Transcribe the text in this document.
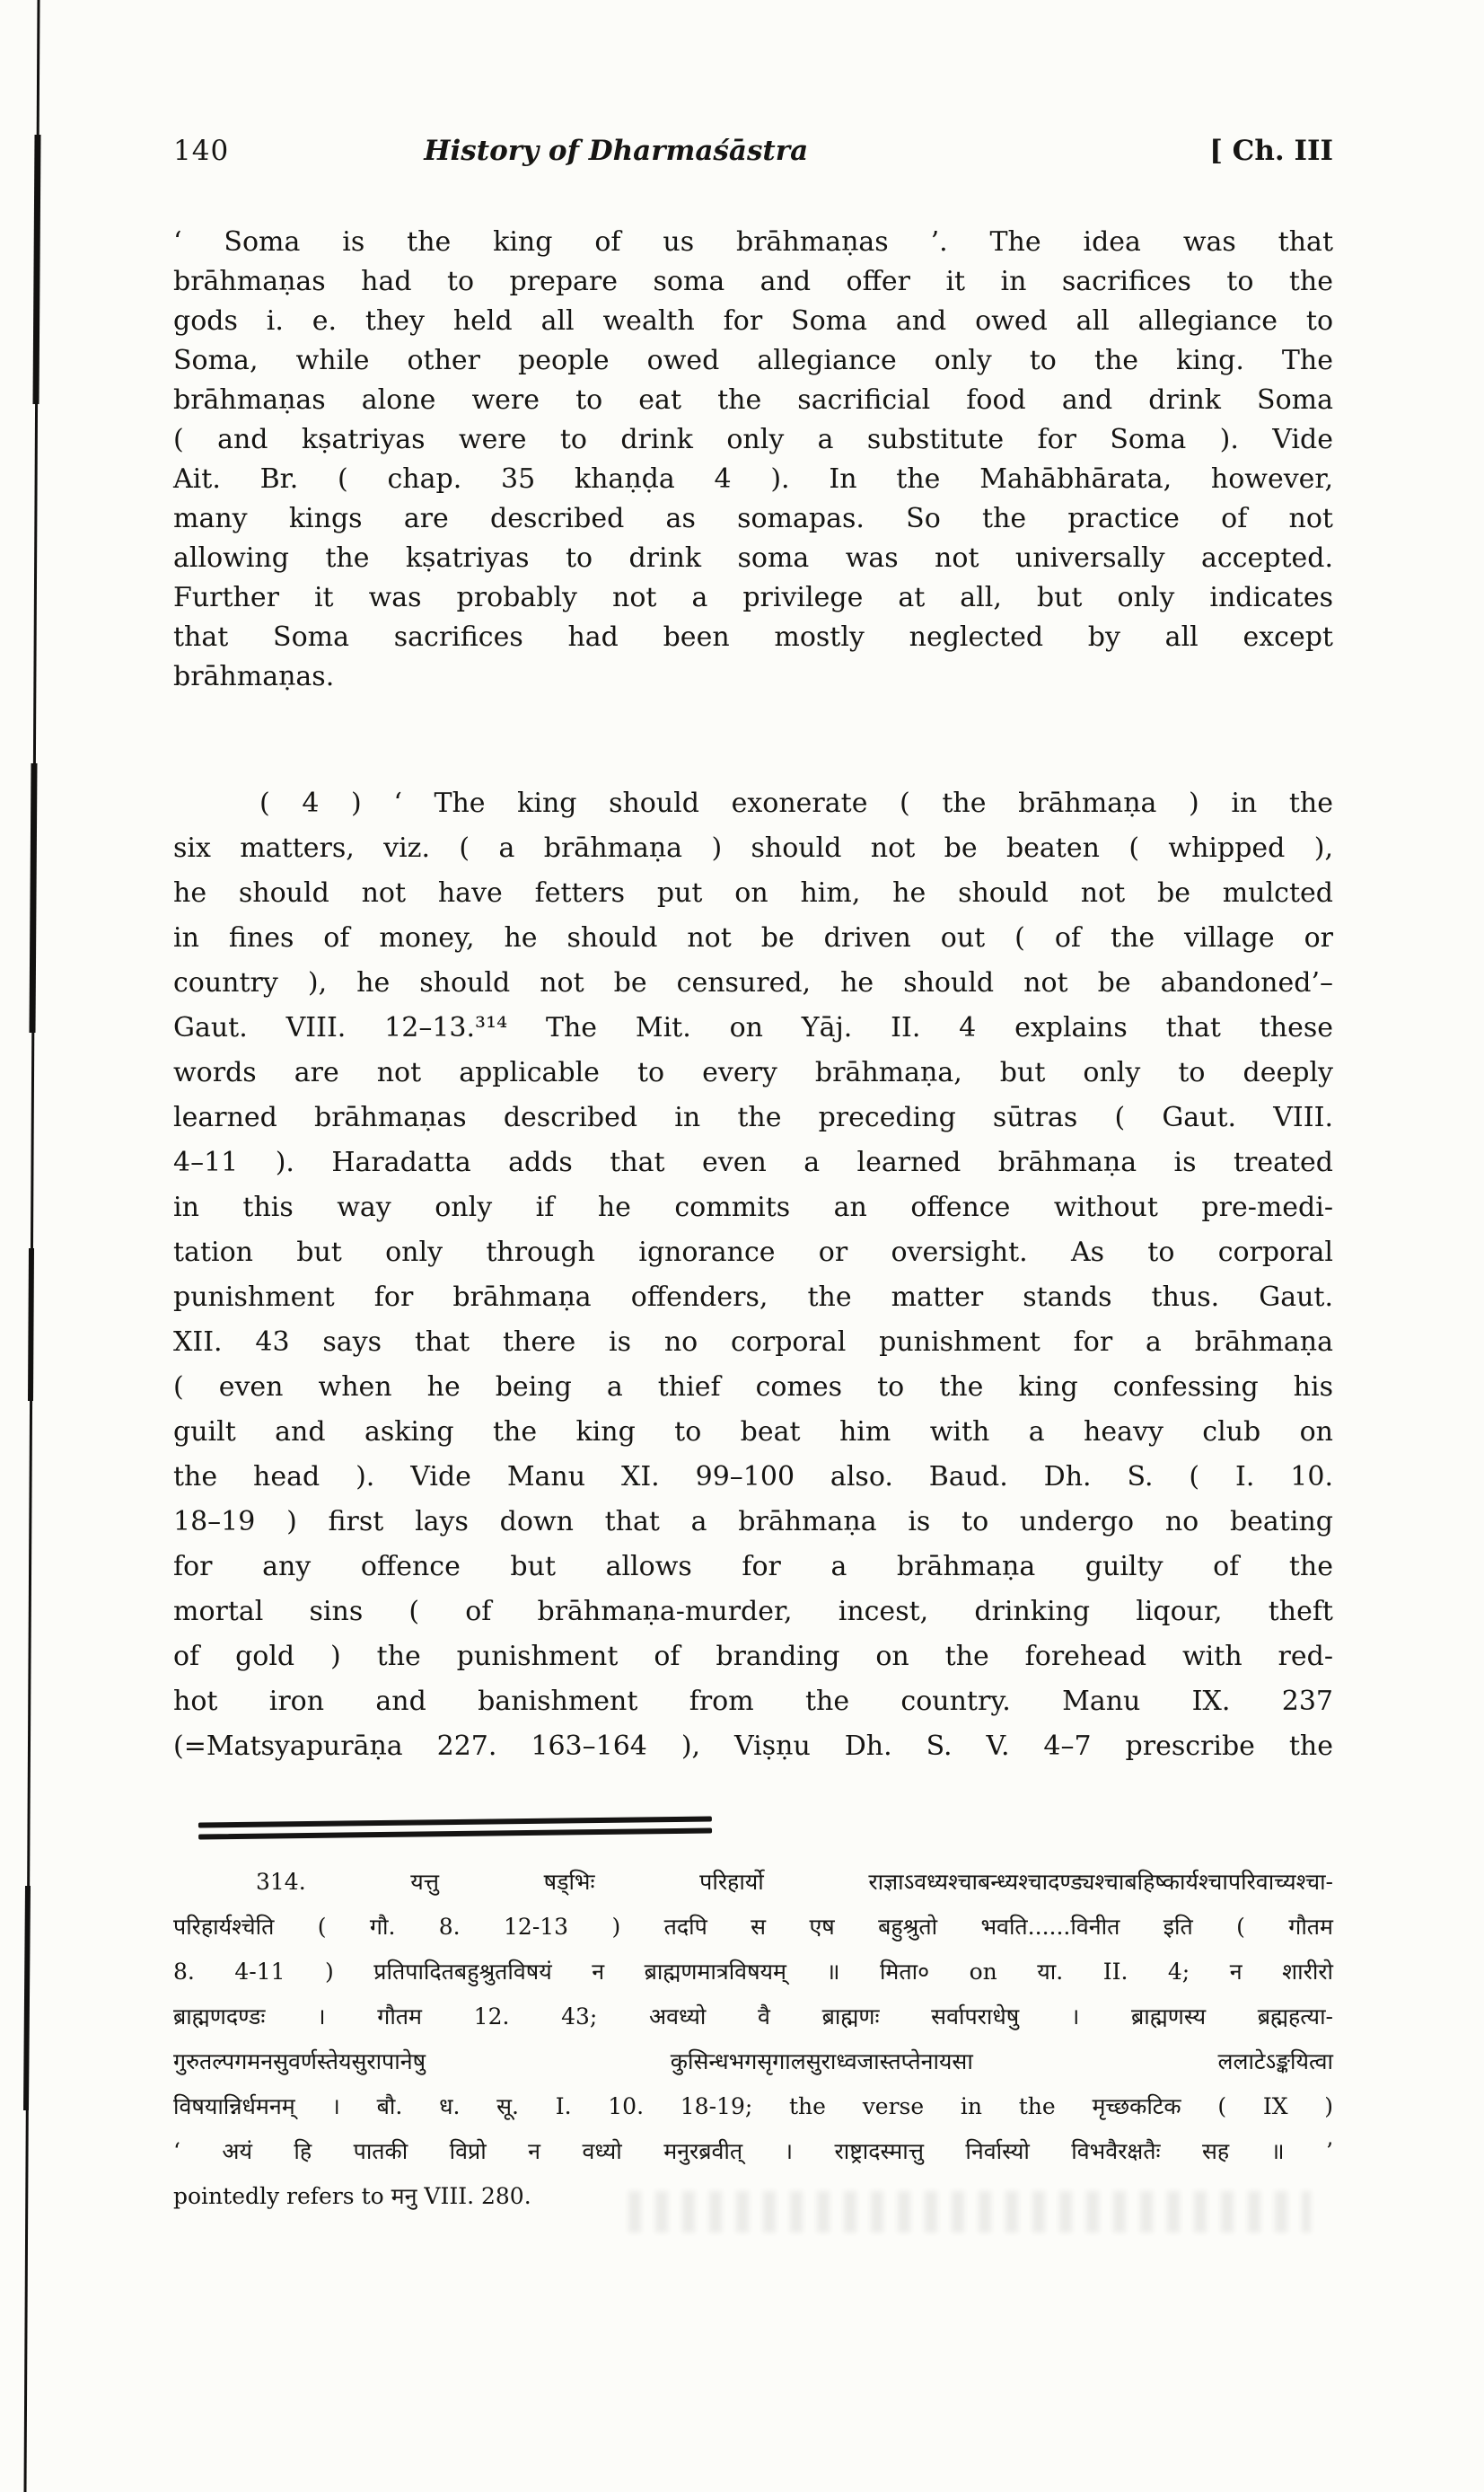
140	History of Dharmaśāstra	[ Ch. III
‘ Soma is the king of us brāhmaṇas ’. The idea was that
brāhmaṇas had to prepare soma and offer it in sacrifices to the
gods i. e. they held all wealth for Soma and owed all allegiance to
Soma, while other people owed allegiance only to the king. The
brāhmaṇas alone were to eat the sacrificial food and drink Soma
( and kṣatriyas were to drink only a substitute for Soma ). Vide
Ait. Br. ( chap. 35 khaṇḍa 4 ). In the Mahābhārata, however,
many kings are described as somapas. So the practice of not
allowing the kṣatriyas to drink soma was not universally accepted.
Further it was probably not a privilege at all, but only indicates
that Soma sacrifices had been mostly neglected by all except
brāhmaṇas.
( 4 ) ‘ The king should exonerate ( the brāhmaṇa ) in the
six matters, viz. ( a brāhmaṇa ) should not be beaten ( whipped ),
he should not have fetters put on him, he should not be mulcted
in fines of money, he should not be driven out ( of the village or
country ), he should not be censured, he should not be abandoned’–
Gaut. VIII. 12–13.³¹⁴ The Mit. on Yāj. II. 4 explains that these
words are not applicable to every brāhmaṇa, but only to deeply
learned brāhmaṇas described in the preceding sūtras ( Gaut. VIII.
4–11 ). Haradatta adds that even a learned brāhmaṇa is treated
in this way only if he commits an offence without pre-medi-
tation but only through ignorance or oversight. As to corporal
punishment for brāhmaṇa offenders, the matter stands thus. Gaut.
XII. 43 says that there is no corporal punishment for a brāhmaṇa
( even when he being a thief comes to the king confessing his
guilt and asking the king to beat him with a heavy club on
the head ). Vide Manu XI. 99–100 also. Baud. Dh. S. ( I. 10.
18–19 ) first lays down that a brāhmaṇa is to undergo no beating
for any offence but allows for a brāhmaṇa guilty of the
mortal sins ( of brāhmaṇa-murder, incest, drinking liqour, theft
of gold ) the punishment of branding on the forehead with red-
hot iron and banishment from the country. Manu IX. 237
(=Matsyapurāṇa 227. 163–164 ), Viṣṇu Dh. S. V. 4–7 prescribe the
314. यत्तु षड्भिः परिहार्यो राज्ञाऽवध्यश्चाबन्ध्यश्चादण्ड्यश्चाबहिष्कार्यश्चापरिवाच्यश्चा-
परिहार्यश्चेति ( गौ. 8. 12-13 ) तदपि स एष बहुश्रुतो भवति......विनीत इति ( गौतम
8. 4-11 ) प्रतिपादितबहुश्रुतविषयं न ब्राह्मणमात्रविषयम् ॥ मिता० on या. II. 4; न शारीरो
ब्राह्मणदण्डः । गौतम 12. 43; अवध्यो वै ब्राह्मणः सर्वापराधेषु । ब्राह्मणस्य ब्रह्महत्या-
गुरुतल्पगमनसुवर्णस्तेयसुरापानेषु कुसिन्धभगसृगालसुराध्वजास्तप्तेनायसा ललाटेऽङ्कयित्वा
विषयान्निर्धमनम् । बौ. ध. सू. I. 10. 18-19; the verse in the मृच्छकटिक ( IX )
‘ अयं हि पातकी विप्रो न वध्यो मनुरब्रवीत् । राष्ट्रादस्मात्तु निर्वास्यो विभवैरक्षतैः सह ॥ ’
pointedly refers to मनु VIII. 280.
